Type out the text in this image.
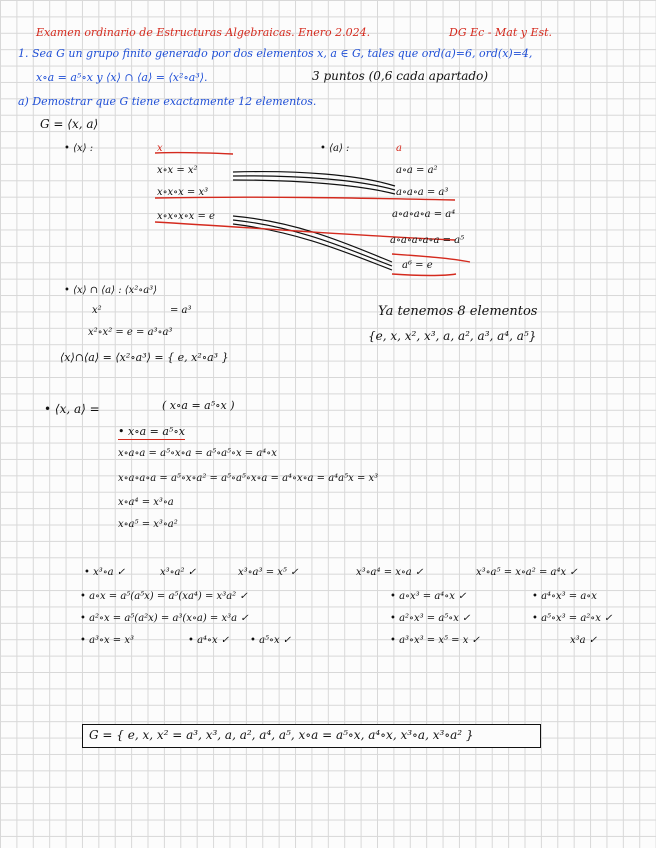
Examen ordinario de Estructuras Algebraicas. Enero 2.024.	DG Ec - Mat y Est.
1. Sea G un grupo finito generado por dos elementos x, a ∈ G, tales que ord(a)=6, ord(x)=4,
x∘a = a⁵∘x y ⟨x⟩ ∩ ⟨a⟩ = ⟨x²∘a³⟩.	3 puntos (0,6 cada apartado)
a) Demostrar que G tiene exactamente 12 elementos.
G = ⟨x, a⟩
• ⟨x⟩ :	x
x∘x = x²
x∘x∘x = x³
x∘x∘x∘x = e
• ⟨a⟩ :	a
a∘a = a²
a∘a∘a = a³
a∘a∘a∘a = a⁴
a∘a∘a∘a∘a = a⁵
a⁶ = e
• ⟨x⟩ ∩ ⟨a⟩ : ⟨x²∘a³⟩
x²	= a³
x²∘x² = e = a³∘a³
⟨x⟩∩⟨a⟩ = ⟨x²∘a³⟩ = { e, x²∘a³ }
Ya tenemos 8 elementos
{e, x, x², x³, a, a², a³, a⁴, a⁵}
• ⟨x, a⟩ =	( x∘a = a⁵∘x )
• x∘a = a⁵∘x
x∘a∘a = a⁵∘x∘a = a⁵∘a⁵∘x = a⁴∘x
x∘a∘a∘a = a⁵∘x∘a² = a⁵∘a⁵∘x∘a = a⁴∘x∘a = a⁴a⁵x = x³
x∘a⁴ = x³∘a
x∘a⁵ = x³∘a²
• x³∘a ✓	x³∘a² ✓	x³∘a³ = x⁵ ✓	x³∘a⁴ = x∘a ✓	x³∘a⁵ = x∘a² = a⁴x ✓
• a∘x = a⁵(a⁵x) = a⁵(xa⁴) = x³a² ✓	• a∘x³ = a⁴∘x ✓	• a⁴∘x³ = a∘x
• a²∘x = a⁵(a²x) = a³(x∘a) = x³a ✓	• a²∘x³ = a⁵∘x ✓	• a⁵∘x³ = a²∘x ✓
• a³∘x = x³	• a⁴∘x ✓ • a⁵∘x ✓	• a³∘x³ = x⁵ = x ✓	x³a ✓
G = { e, x, x² = a³, x³, a, a², a⁴, a⁵, x∘a = a⁵∘x, a⁴∘x, x³∘a, x³∘a² }
